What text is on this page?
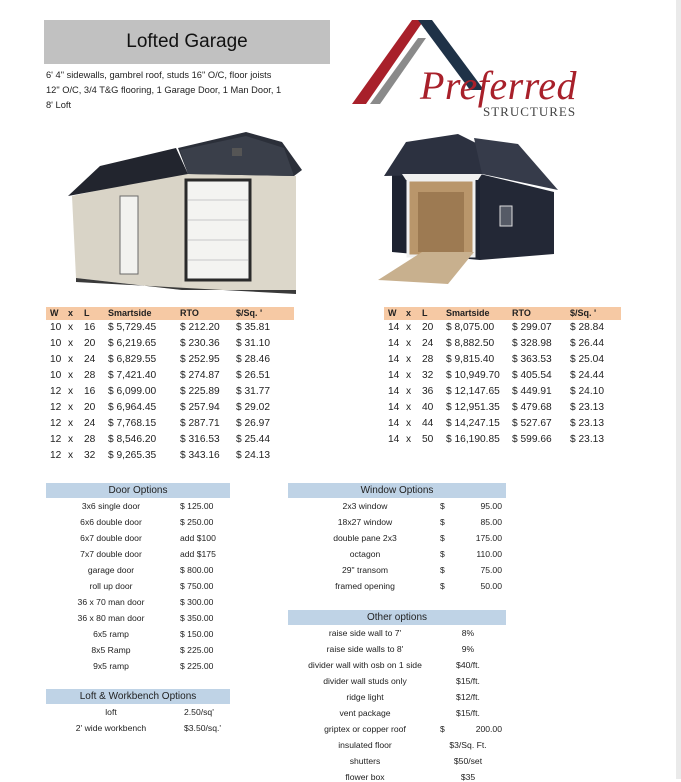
Lofted Garage
6' 4" sidewalls, gambrel roof, studs 16" O/C, floor joists
12" O/C, 3/4 T&G flooring, 1 Garage Door, 1 Man Door, 1
8' Loft	Preferred
STRUCTURES
W x L Smartside	RTO	$/Sq. '
10 x 16 $ 5,729.45 $ 212.20 $ 35.81
10 x 20 $ 6,219.65 $ 230.36 $ 31.10
10 x 24 $ 6,829.55 $ 252.95 $ 28.46
10 x 28 $ 7,421.40 $ 274.87 $ 26.51
12 x 16 $ 6,099.00 $ 225.89 $ 31.77
12 x 20 $ 6,964.45 $ 257.94 $ 29.02
12 x 24 $ 7,768.15 $ 287.71 $ 26.97
12 x 28 $ 8,546.20 $ 316.53 $ 25.44
12 x 32 $ 9,265.35 $ 343.16 $ 24.13
W x L Smartside RTO	$/Sq. '
14 x 20 $ 8,075.00 $ 299.07 $ 28.84
14 x 24 $ 8,882.50 $ 328.98 $ 26.44
14 x 28 $ 9,815.40 $ 363.53 $ 25.04
14 x 32 $ 10,949.70 $ 405.54 $ 24.44
14 x 36 $ 12,147.65 $ 449.91 $ 24.10
14 x 40 $ 12,951.35 $ 479.68 $ 23.13
14 x 44 $ 14,247.15 $ 527.67 $ 23.13
14 x 50 $ 16,190.85 $ 599.66 $ 23.13
Door Options
3x6 single door	$ 125.00
6x6 double door	$ 250.00
6x7 double door	add $100
7x7 double door	add $175
garage door	$ 800.00
roll up door	$ 750.00
36 x 70 man door	$ 300.00
36 x 80 man door	$ 350.00
6x5 ramp	$ 150.00
8x5 Ramp	$ 225.00
9x5 ramp	$ 225.00
Loft & Workbench Options
loft	2.50/sq'
2' wide workbench	$3.50/sq.'
Window Options
2x3 window	$	95.00
18x27 window	$	85.00
double pane 2x3	$	175.00
octagon	$	110.00
29" transom	$	75.00
framed opening	$	50.00
Other options
raise side wall to 7'	8%
raise side walls to 8'	9%
divider wall with osb on 1 side	$40/ft.
divider wall studs only	$15/ft.
ridge light	$12/ft.
vent package	$15/ft.
griptex or copper roof	$	200.00
insulated floor	$3/Sq. Ft.
shutters	$50/set
flower box	$35
